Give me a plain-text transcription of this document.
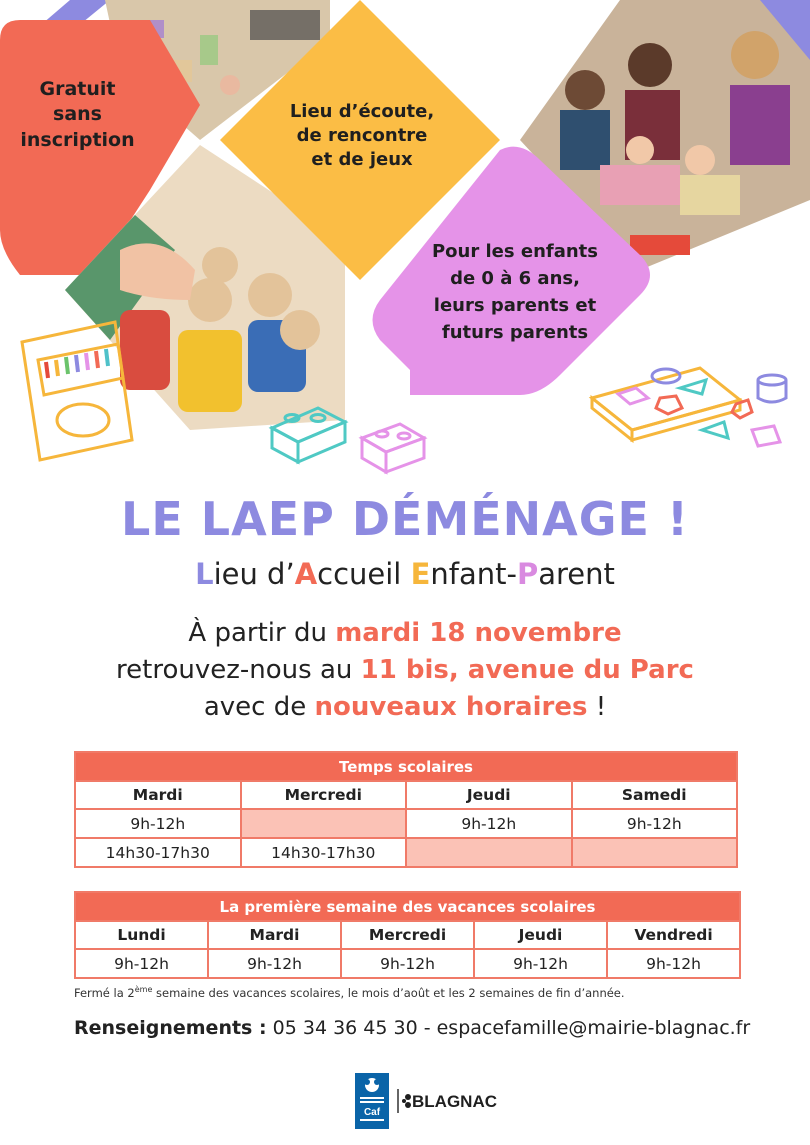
Gratuit
sans
inscription
Lieu d’écoute,
de rencontre
et de jeux
Pour les enfants
de 0 à 6 ans,
leurs parents et
futurs parents
LE LAEP DÉMÉNAGE !
Lieu d’Accueil Enfant-Parent
À partir du mardi 18 novembre
retrouvez-nous au 11 bis, avenue du Parc
avec de nouveaux horaires !
Temps scolaires			
Mardi	Mercredi	Jeudi	Samedi
9h-12h		9h-12h	9h-12h
14h30-17h30	14h30-17h30		
La première semaine des vacances scolaires				
Lundi	Mardi	Mercredi	Jeudi	Vendredi
9h-12h	9h-12h	9h-12h	9h-12h	9h-12h
Fermé la 2ème semaine des vacances scolaires, le mois d’août et les 2 semaines de fin d’année.
Renseignements : 05 34 36 45 30 - espacefamille@mairie-blagnac.fr
Caf
BLAGNAC
